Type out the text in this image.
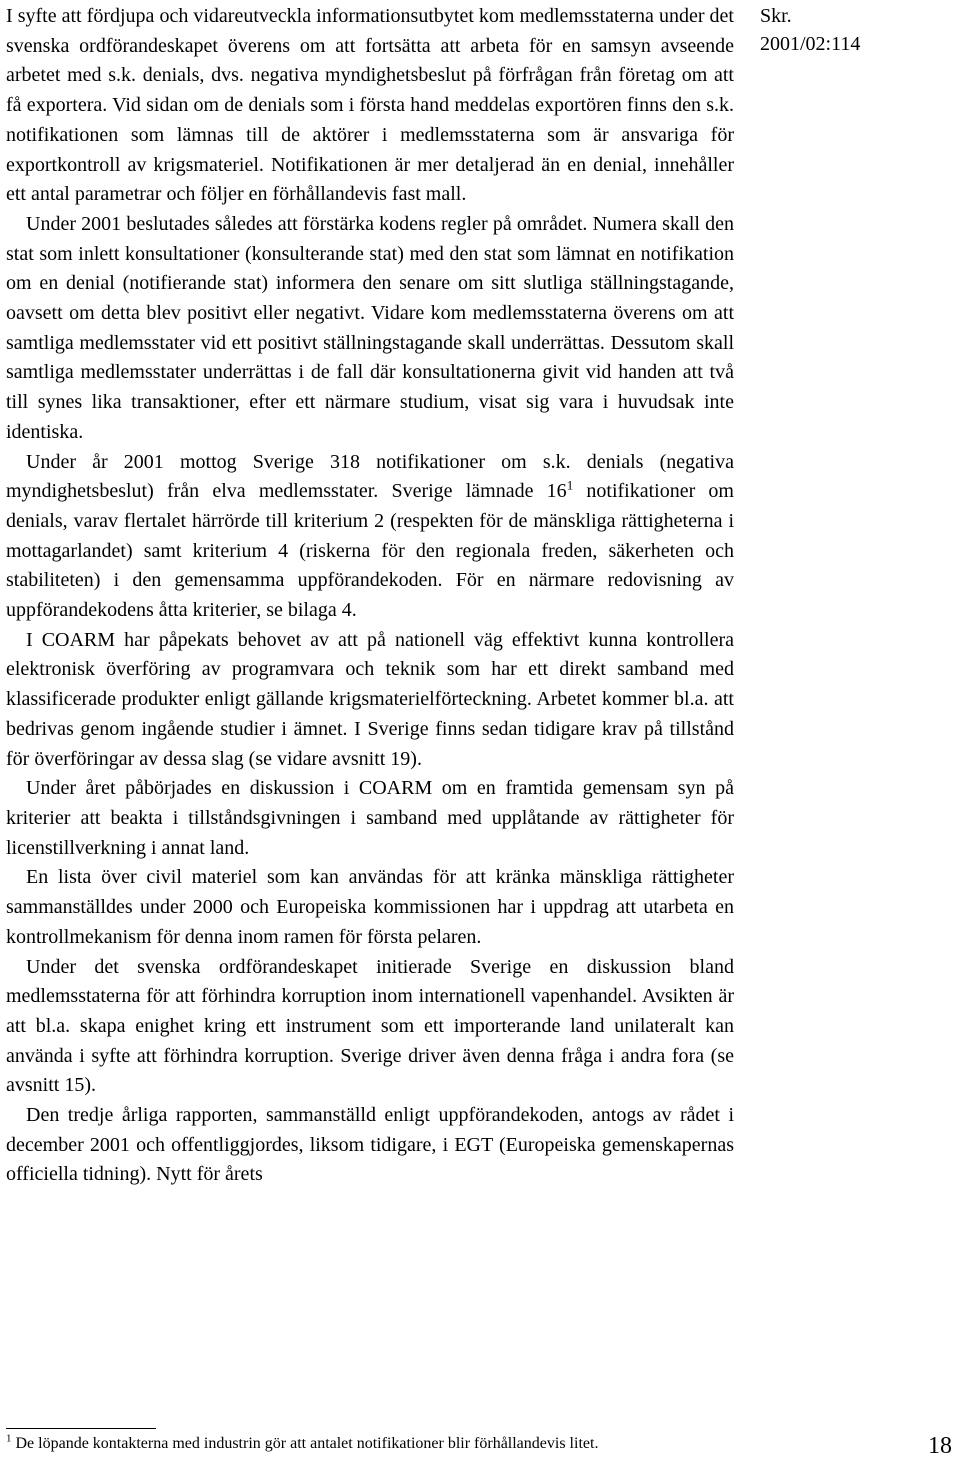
Skr.
2001/02:114

I syfte att fördjupa och vidareutveckla informationsutbytet kom medlemsstaterna under det svenska ordförandeskapet överens om att fortsätta att arbeta för en samsyn avseende arbetet med s.k. denials, dvs. negativa myndighetsbeslut på förfrågan från företag om att få exportera. Vid sidan om de denials som i första hand meddelas exportören finns den s.k. notifikationen som lämnas till de aktörer i medlemsstaterna som är ansvariga för exportkontroll av krigsmateriel. Notifikationen är mer detaljerad än en denial, innehåller ett antal parametrar och följer en förhållandevis fast mall.

Under 2001 beslutades således att förstärka kodens regler på området. Numera skall den stat som inlett konsultationer (konsulterande stat) med den stat som lämnat en notifikation om en denial (notifierande stat) informera den senare om sitt slutliga ställningstagande, oavsett om detta blev positivt eller negativt. Vidare kom medlemsstaterna överens om att samtliga medlemsstater vid ett positivt ställningstagande skall underrättas. Dessutom skall samtliga medlemsstater underrättas i de fall där konsultationerna givit vid handen att två till synes lika transaktioner, efter ett närmare studium, visat sig vara i huvudsak inte identiska.

Under år 2001 mottog Sverige 318 notifikationer om s.k. denials (negativa myndighetsbeslut) från elva medlemsstater. Sverige lämnade $16^1$ notifikationer om denials, varav flertalet härrörde till kriterium 2 (respekten för de mänskliga rättigheterna i mottagarlandet) samt kriterium 4 (riskerna för den regionala freden, säkerheten och stabiliteten) i den gemensamma uppförandekoden. För en närmare redovisning av uppförandekodens åtta kriterier, se bilaga 4.

I COARM har påpekats behovet av att på nationell väg effektivt kunna kontrollera elektronisk överföring av programvara och teknik som har ett direkt samband med klassificerade produkter enligt gällande krigsmaterielförteckning. Arbetet kommer bl.a. att bedrivas genom ingående studier i ämnet. I Sverige finns sedan tidigare krav på tillstånd för överföringar av dessa slag (se vidare avsnitt 19).

Under året påbörjades en diskussion i COARM om en framtida gemensam syn på kriterier att beakta i tillståndsgivningen i samband med upplåtande av rättigheter för licenstillverkning i annat land.

En lista över civil materiel som kan användas för att kränka mänskliga rättigheter sammanställdes under 2000 och Europeiska kommissionen har i uppdrag att utarbeta en kontrollmekanism för denna inom ramen för första pelaren.

Under det svenska ordförandeskapet initierade Sverige en diskussion bland medlemsstaterna för att förhindra korruption inom internationell vapenhandel. Avsikten är att bl.a. skapa enighet kring ett instrument som ett importerande land unilateralt kan använda i syfte att förhindra korruption. Sverige driver även denna fråga i andra fora (se avsnitt 15).

Den tredje årliga rapporten, sammanställd enligt uppförandekoden, antogs av rådet i december 2001 och offentliggjordes, liksom tidigare, i EGT (Europeiska gemenskapernas officiella tidning). Nytt för årets

$^1$ De löpande kontakterna med industrin gör att antalet notifikationer blir förhållandevis litet.	18
